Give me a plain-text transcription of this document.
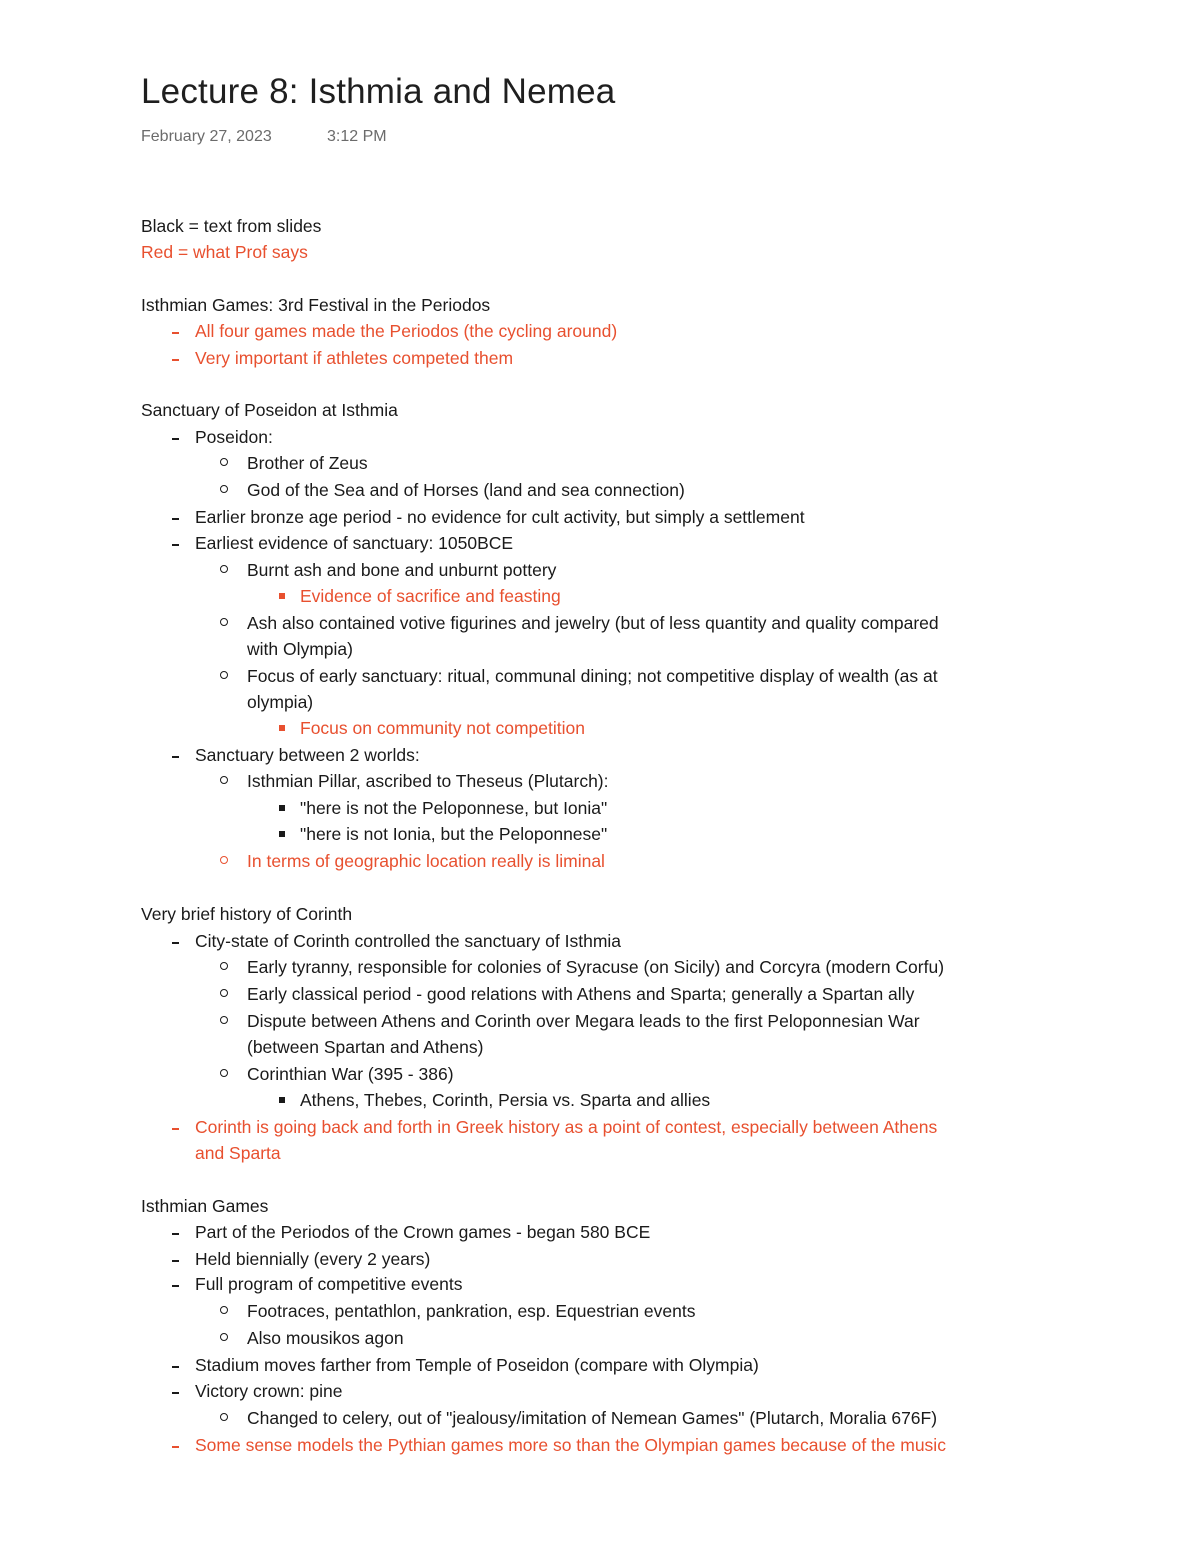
Lecture 8: Isthmia and Nemea
February 27, 2023	3:12 PM
Black = text from slides
Red = what Prof says
Isthmian Games: 3rd Festival in the Periodos
All four games made the Periodos (the cycling around)
Very important if athletes competed them
Sanctuary of Poseidon at Isthmia
Poseidon:
Brother of Zeus
God of the Sea and of Horses (land and sea connection)
Earlier bronze age period - no evidence for cult activity, but simply a settlement
Earliest evidence of sanctuary: 1050BCE
Burnt ash and bone and unburnt pottery
Evidence of sacrifice and feasting
Ash also contained votive figurines and jewelry (but of less quantity and quality compared
with Olympia)
Focus of early sanctuary: ritual, communal dining; not competitive display of wealth (as at
olympia)
Focus on community not competition
Sanctuary between 2 worlds:
Isthmian Pillar, ascribed to Theseus (Plutarch):
"here is not the Peloponnese, but Ionia"
"here is not Ionia, but the Peloponnese"
In terms of geographic location really is liminal
Very brief history of Corinth
City-state of Corinth controlled the sanctuary of Isthmia
Early tyranny, responsible for colonies of Syracuse (on Sicily) and Corcyra (modern Corfu)
Early classical period - good relations with Athens and Sparta; generally a Spartan ally
Dispute between Athens and Corinth over Megara leads to the first Peloponnesian War
(between Spartan and Athens)
Corinthian War (395 - 386)
Athens, Thebes, Corinth, Persia vs. Sparta and allies
Corinth is going back and forth in Greek history as a point of contest, especially between Athens
and Sparta
Isthmian Games
Part of the Periodos of the Crown games - began 580 BCE
Held biennially (every 2 years)
Full program of competitive events
Footraces, pentathlon, pankration, esp. Equestrian events
Also mousikos agon
Stadium moves farther from Temple of Poseidon (compare with Olympia)
Victory crown: pine
Changed to celery, out of "jealousy/imitation of Nemean Games" (Plutarch, Moralia 676F)
Some sense models the Pythian games more so than the Olympian games because of the music
